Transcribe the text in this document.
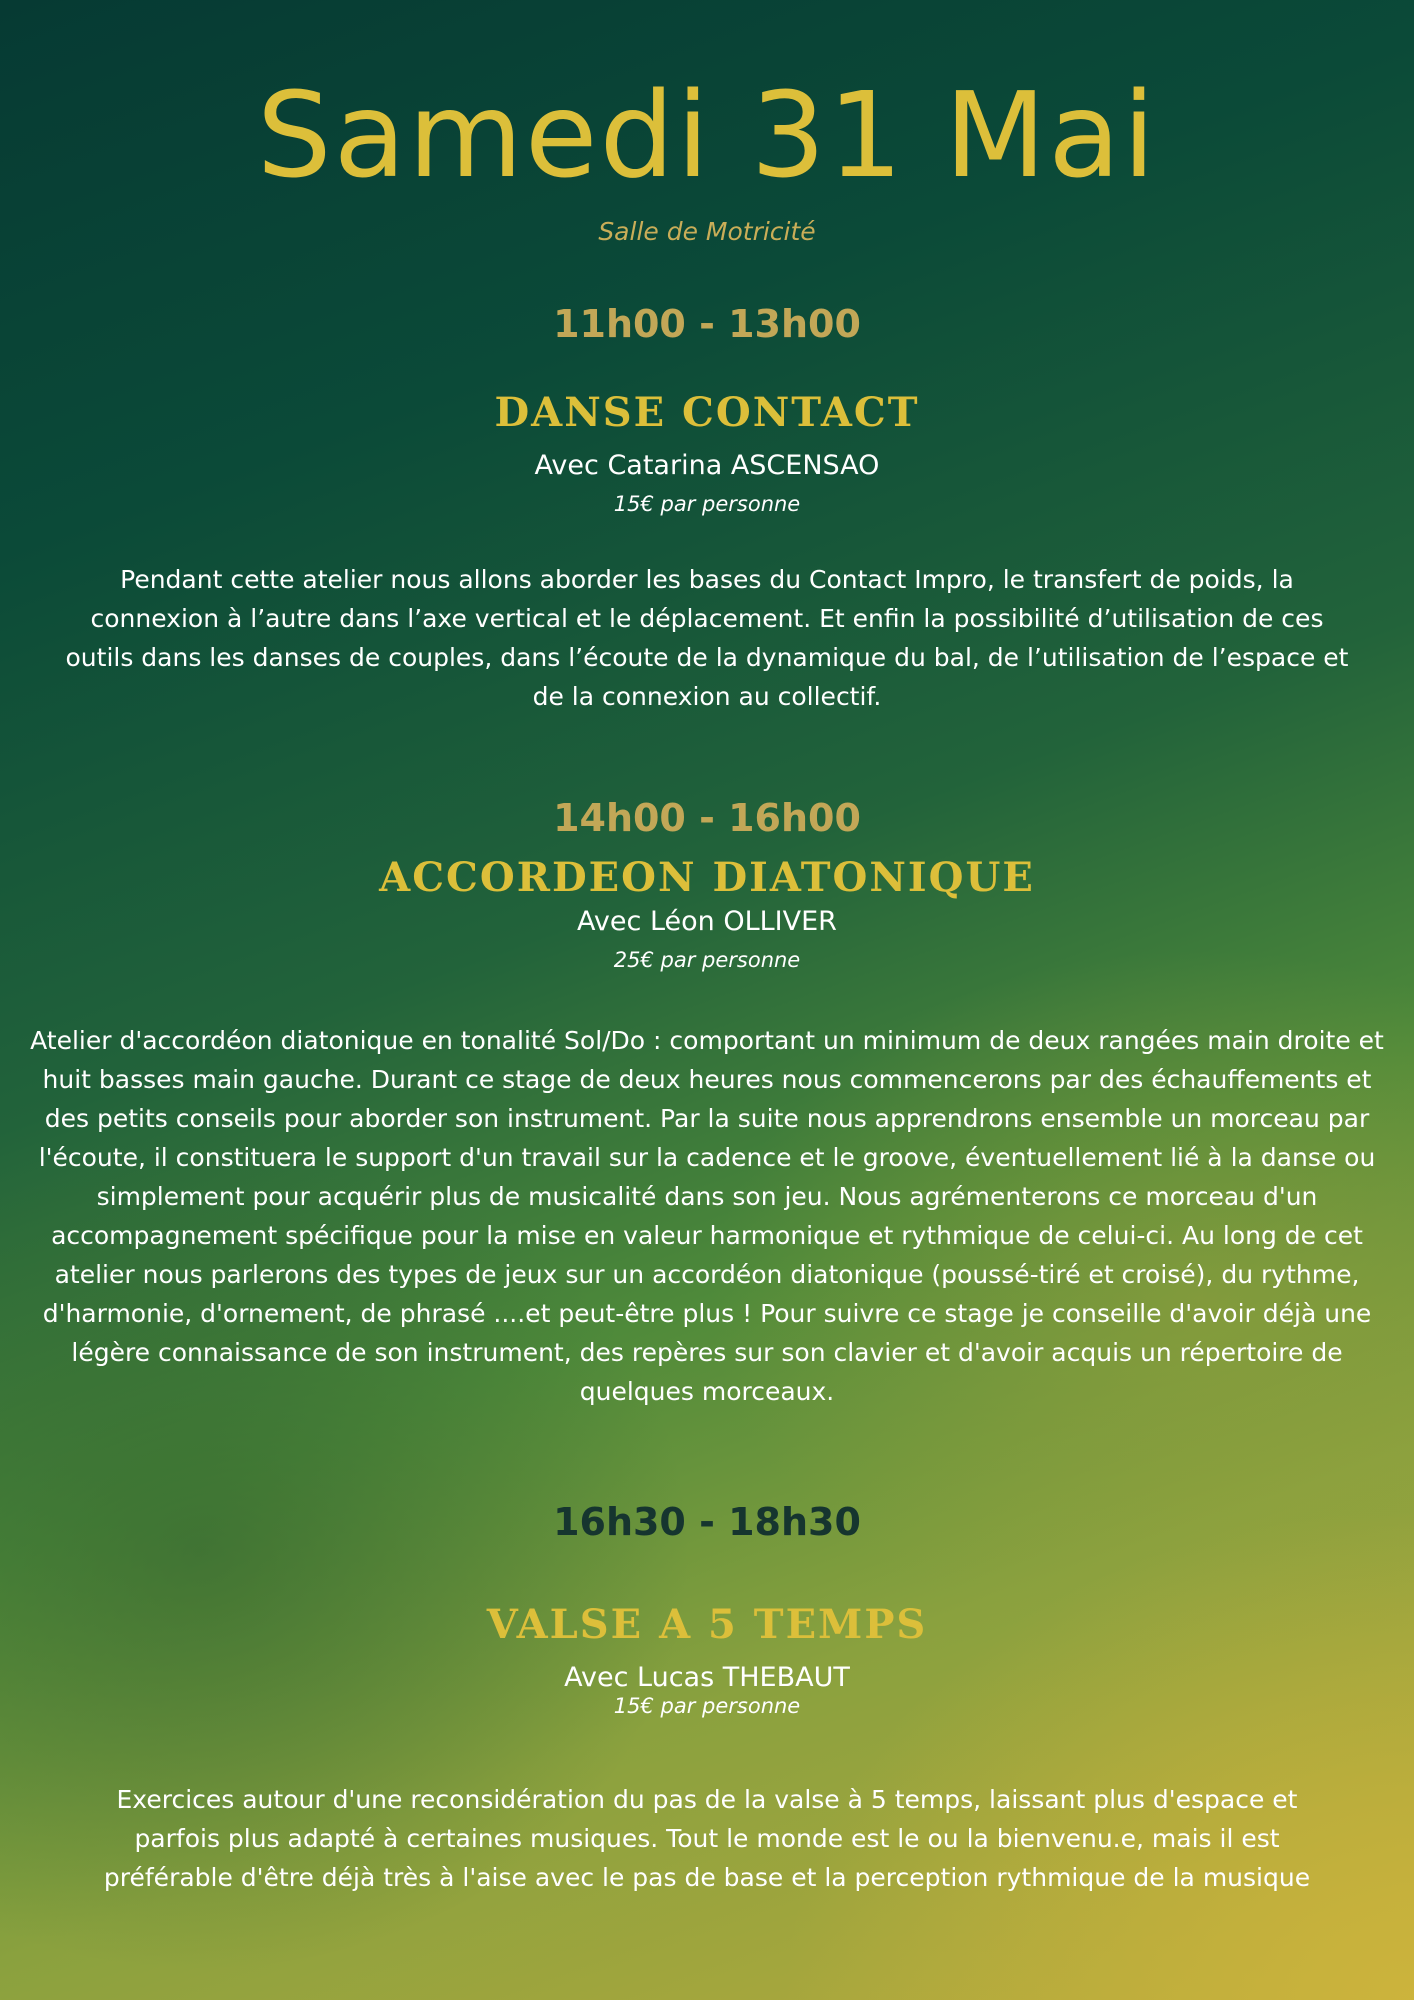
Samedi 31 Mai

Salle de Motricité

11h00 - 13h00

DANSE CONTACT

Avec Catarina ASCENSAO

15€ par personne

Pendant cette atelier nous allons aborder les bases du Contact Impro, le transfert de poids, la connexion à l’autre dans l’axe vertical et le déplacement. Et enfin la possibilité d’utilisation de ces outils dans les danses de couples, dans l’écoute de la dynamique du bal, de l’utilisation de l’espace et de la connexion au collectif.

14h00 - 16h00

ACCORDEON DIATONIQUE

Avec Léon OLLIVER

25€ par personne

Atelier d'accordéon diatonique en tonalité Sol/Do : comportant un minimum de deux rangées main droite et huit basses main gauche. Durant ce stage de deux heures nous commencerons par des échauffements et des petits conseils pour aborder son instrument. Par la suite nous apprendrons ensemble un morceau par l'écoute, il constituera le support d'un travail sur la cadence et le groove, éventuellement lié à la danse ou simplement pour acquérir plus de musicalité dans son jeu. Nous agrémenterons ce morceau d'un accompagnement spécifique pour la mise en valeur harmonique et rythmique de celui-ci. Au long de cet atelier nous parlerons des types de jeux sur un accordéon diatonique (poussé-tiré et croisé), du rythme, d'harmonie, d'ornement, de phrasé ....et peut-être plus ! Pour suivre ce stage je conseille d'avoir déjà une légère connaissance de son instrument, des repères sur son clavier et d'avoir acquis un répertoire de quelques morceaux.

16h30 - 18h30

VALSE A 5 TEMPS

Avec Lucas THEBAUT

15€ par personne

Exercices autour d'une reconsidération du pas de la valse à 5 temps, laissant plus d'espace et parfois plus adapté à certaines musiques. Tout le monde est le ou la bienvenu.e, mais il est préférable d'être déjà très à l'aise avec le pas de base et la perception rythmique de la musique
